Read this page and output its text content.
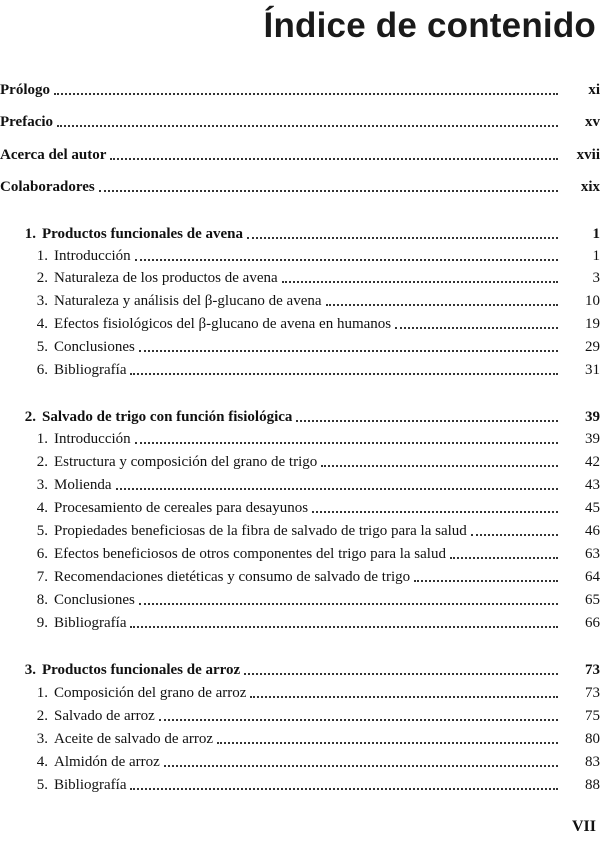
Índice de contenido
Prólogo	xi
Prefacio	xv
Acerca del autor	xvii
Colaboradores	xix
1. Productos funcionales de avena	1
1. Introducción	1
2. Naturaleza de los productos de avena	3
3. Naturaleza y análisis del β-glucano de avena	10
4. Efectos fisiológicos del β-glucano de avena en humanos	19
5. Conclusiones	29
6. Bibliografía	31
2. Salvado de trigo con función fisiológica	39
1. Introducción	39
2. Estructura y composición del grano de trigo	42
3. Molienda	43
4. Procesamiento de cereales para desayunos	45
5. Propiedades beneficiosas de la fibra de salvado de trigo para la salud	46
6. Efectos beneficiosos de otros componentes del trigo para la salud	63
7. Recomendaciones dietéticas y consumo de salvado de trigo	64
8. Conclusiones	65
9. Bibliografía	66
3. Productos funcionales de arroz	73
1. Composición del grano de arroz	73
2. Salvado de arroz	75
3. Aceite de salvado de arroz	80
4. Almidón de arroz	83
5. Bibliografía	88
VII
